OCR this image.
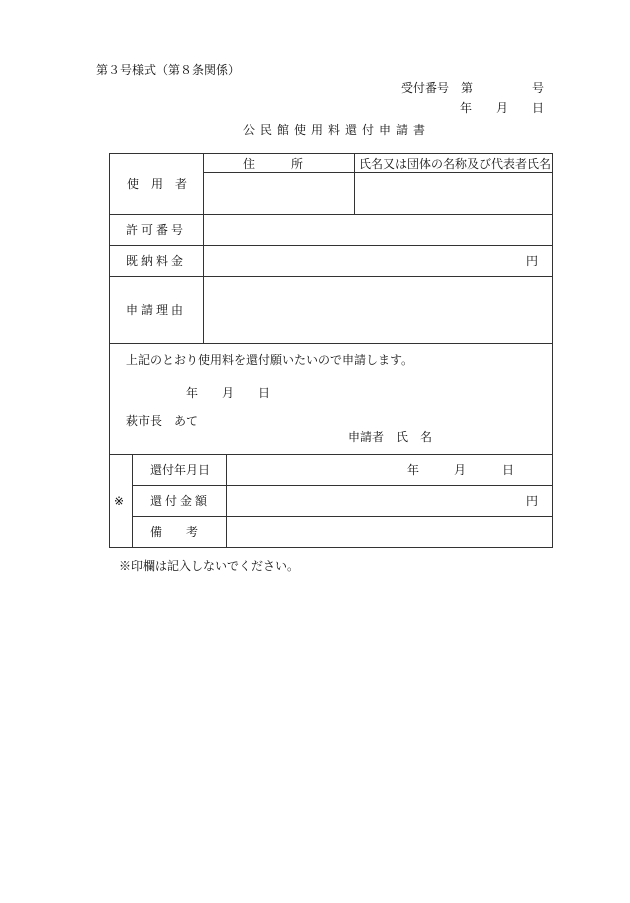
第３号様式（第８条関係）
受付番号 第	号
年 月 日
公民館使用料還付申請書
使　用　者
住　　　所	氏名又は団体の名称及び代表者氏名
許可番号
既納料金	円
申請理由
上記のとおり使用料を還付願いたいので申請します。
年 月 日
萩市長　あて
申請者 氏　名
※
還付年月日	年	月	日
還付金額	円
備　　考
※印欄は記入しないでください。
